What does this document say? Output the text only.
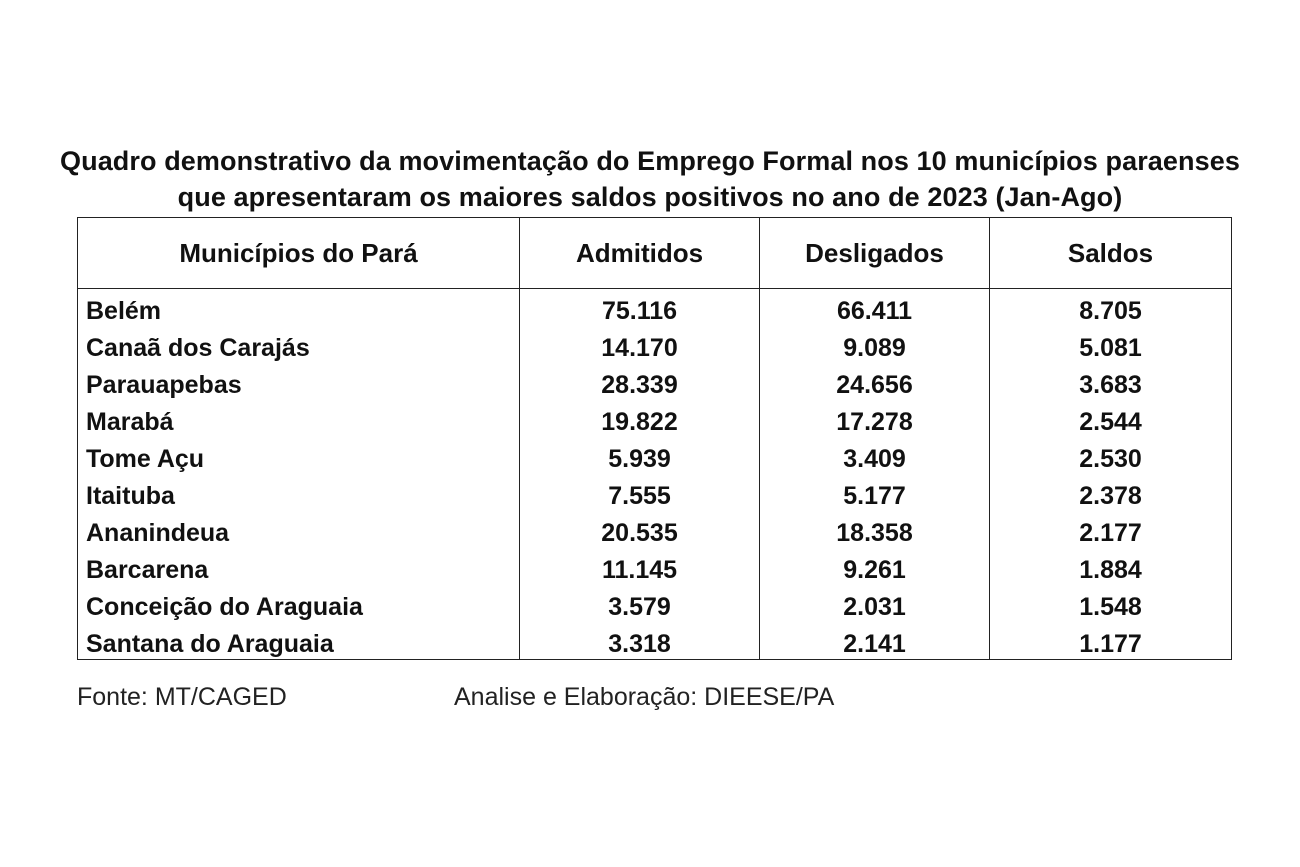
Quadro demonstrativo da movimentação do Emprego Formal nos 10 municípios paraenses
que apresentaram os maiores saldos positivos no ano de 2023 (Jan-Ago)
Municípios do Pará	Admitidos	Desligados	Saldos
Belém	75.116	66.411	8.705
Canaã dos Carajás	14.170	9.089	5.081
Parauapebas	28.339	24.656	3.683
Marabá	19.822	17.278	2.544
Tome Açu	5.939	3.409	2.530
Itaituba	7.555	5.177	2.378
Ananindeua	20.535	18.358	2.177
Barcarena	11.145	9.261	1.884
Conceição do Araguaia	3.579	2.031	1.548
Santana do Araguaia	3.318	2.141	1.177
Fonte: MT/CAGED	Analise e Elaboração: DIEESE/PA
